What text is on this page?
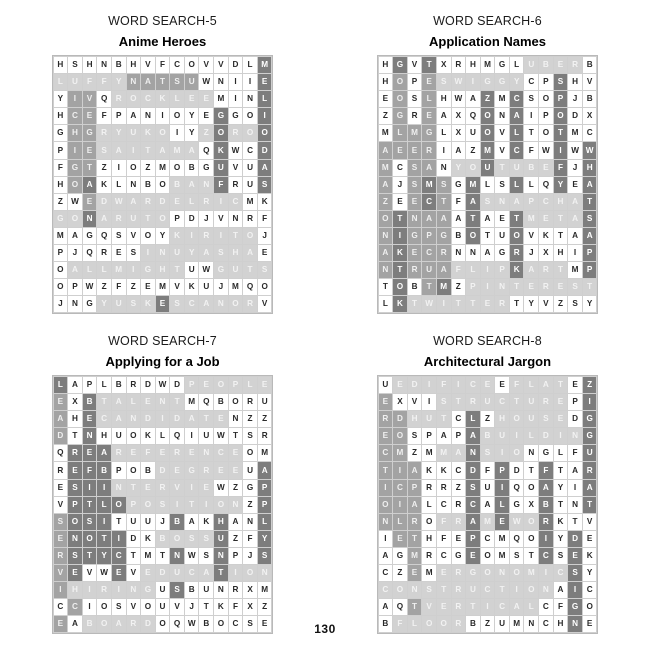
WORD SEARCH-5
Anime Heroes
H	S	H	N	B	H	V	F	C	O	V	V	D	L	M
L	U	F	F	Y	N	A	T	S	U	W	N	I	I	E
Y	I	V	Q	R	O	C	K	L	E	E	M	I	N	L
H	C	E	F	P	A	N	I	O	Y	E	G	G	O	I
G	H	G	R	Y	U	K	O	I	Y	Z	O	R	O	O
P	I	E	S	A	I	T	A	M	A	Q	K	W	C	D
F	G	T	Z	I	O	Z	M	O	B	G	U	V	U	A
H	O	A	K	L	N	B	O	B	A	N	F	R	U	S
Z	W	E	D	W	A	R	D	E	L	R	I	C	M	K
G	O	N	A	R	U	T	O	P	D	J	V	N	R	F
M	A	G	Q	S	V	O	Y	K	I	R	I	T	O	J
P	J	Q	R	E	S	I	N	U	Y	A	S	H	A	E
O	A	L	L	M	I	G	H	T	U	W	G	U	T	S
O	P	W	Z	F	Z	E	M	V	K	U	J	M	Q	O
J	N	G	Y	U	S	K	E	S	C	A	N	O	R	V
WORD SEARCH-6
Application Names
H	G	V	T	X	R	H	M	G	L	U	B	E	R	B
H	O	P	E	S	W	I	G	G	Y	C	P	S	H	V
E	O	S	L	H	W	A	Z	M	C	S	O	P	J	B
Z	G	R	E	A	X	Q	O	N	A	I	P	O	D	X
M	L	M	G	L	X	U	O	V	L	T	O	T	M	C
A	E	E	R	I	A	Z	M	V	C	F	W	I	W	W
M	C	S	A	N	Y	O	U	T	U	B	E	F	J	H
A	J	S	M	S	G	M	L	S	L	L	Q	Y	E	A
Z	E	E	C	T	F	A	S	N	A	P	C	H	A	T
O	T	N	A	A	A	T	A	E	T	M	E	T	A	S
N	I	G	P	G	B	O	T	U	O	V	K	T	A	A
A	K	E	C	R	N	N	A	G	R	J	X	H	I	P
N	T	R	U	A	F	L	I	P	K	A	R	T	M	P
T	O	B	T	M	Z	P	I	N	T	E	R	E	S	T
L	K	T	W	I	T	T	E	R	T	Y	V	Z	S	Y
WORD SEARCH-7
Applying for a Job
L	A	P	L	B	R	D	W	D	P	E	O	P	L	E
E	X	B	T	A	L	E	N	T	M	Q	B	O	R	U
A	H	E	C	A	N	D	I	D	A	T	E	N	Z	Z
D	T	N	H	U	O	K	L	Q	I	U	W	T	S	R
Q	R	E	A	R	E	F	E	R	E	N	C	E	O	M
R	E	F	B	P	O	B	D	E	G	R	E	E	U	A
E	S	I	I	N	T	E	R	V	I	E	W	Z	G	P
V	P	T	L	O	P	O	S	I	T	I	O	N	Z	P
S	O	S	I	T	U	U	J	B	A	K	H	A	N	L
E	N	O	T	I	D	K	B	O	S	S	U	Z	F	Y
R	S	T	Y	C	T	M	T	N	W	S	N	P	J	S
V	E	V	W	E	V	E	D	U	C	A	T	I	O	N
I	H	I	R	I	N	G	U	S	B	U	N	R	X	M
C	C	I	O	S	V	O	U	V	J	T	K	F	X	Z
E	A	B	O	A	R	D	O	Q	W	B	O	C	S	E
WORD SEARCH-8
Architectural Jargon
U	E	D	I	F	I	C	E	E	F	L	A	T	E	Z
E	X	V	I	S	T	R	U	C	T	U	R	E	P	I
R	D	H	U	T	C	L	Z	H	O	U	S	E	D	G
E	O	S	P	A	P	A	B	U	I	L	D	I	N	G
C	M	Z	M	M	A	N	S	I	O	N	G	L	F	U
T	I	A	K	K	C	D	F	P	D	T	F	T	A	R
I	C	P	R	R	Z	S	U	I	Q	O	A	Y	I	A
O	I	A	L	C	R	C	A	L	G	X	B	T	N	T
N	L	R	O	F	R	A	M	E	W	O	R	K	T	V
I	E	T	H	F	E	P	C	M	Q	O	I	Y	D	E
A	G	M	R	C	G	E	O	M	S	T	C	S	E	K
C	Z	E	M	E	R	G	O	N	O	M	I	C	S	Y
C	O	N	S	T	R	U	C	T	I	O	N	A	I	C
A	Q	T	V	E	R	T	I	C	A	L	C	F	G	O
B	F	L	O	O	R	B	Z	U	M	N	C	H	N	E
130
